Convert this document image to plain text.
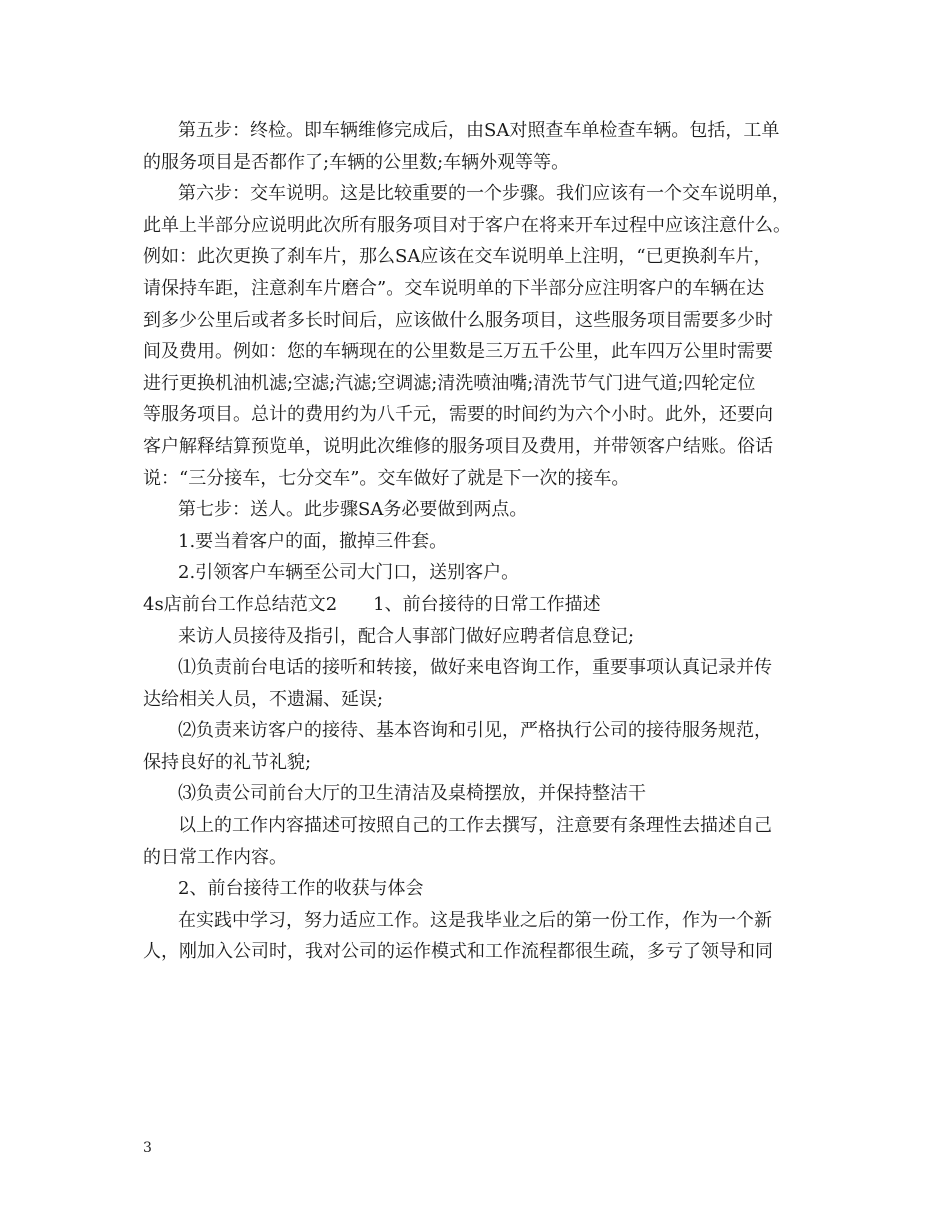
第五步：终检。即车辆维修完成后，由SA对照查车单检查车辆。包括，工单
的服务项目是否都作了;车辆的公里数;车辆外观等等。
第六步：交车说明。这是比较重要的一个步骤。我们应该有一个交车说明单，
此单上半部分应说明此次所有服务项目对于客户在将来开车过程中应该注意什么。
例如：此次更换了刹车片，那么SA应该在交车说明单上注明，“已更换刹车片，
请保持车距，注意刹车片磨合”。交车说明单的下半部分应注明客户的车辆在达
到多少公里后或者多长时间后，应该做什么服务项目，这些服务项目需要多少时
间及费用。例如：您的车辆现在的公里数是三万五千公里，此车四万公里时需要
进行更换机油机滤;空滤;汽滤;空调滤;清洗喷油嘴;清洗节气门进气道;四轮定位
等服务项目。总计的费用约为八千元，需要的时间约为六个小时。此外，还要向
客户解释结算预览单，说明此次维修的服务项目及费用，并带领客户结账。俗话
说：“三分接车，七分交车”。交车做好了就是下一次的接车。
第七步：送人。此步骤SA务必要做到两点。
1.要当着客户的面，撤掉三件套。
2.引领客户车辆至公司大门口，送别客户。
4s店前台工作总结范文2　　1、前台接待的日常工作描述
来访人员接待及指引，配合人事部门做好应聘者信息登记;
⑴负责前台电话的接听和转接，做好来电咨询工作，重要事项认真记录并传
达给相关人员，不遗漏、延误;
⑵负责来访客户的接待、基本咨询和引见，严格执行公司的接待服务规范，
保持良好的礼节礼貌;
⑶负责公司前台大厅的卫生清洁及桌椅摆放，并保持整洁干
以上的工作内容描述可按照自己的工作去撰写，注意要有条理性去描述自己
的日常工作内容。
2、前台接待工作的收获与体会
在实践中学习，努力适应工作。这是我毕业之后的第一份工作，作为一个新
人，刚加入公司时，我对公司的运作模式和工作流程都很生疏，多亏了领导和同
3
